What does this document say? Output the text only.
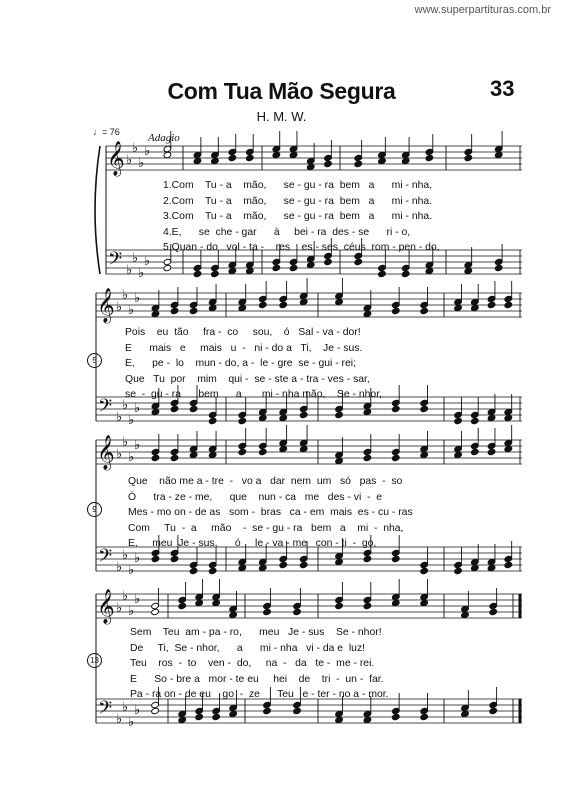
www.superpartituras.com.br
Com Tua Mão Segura	33
H. M. W.
♩= 76	Adagio
𝄞 ♭
♭
♭
♭
𝄢 ♭
♭
♭
♭
𝄞 ♭
♭
♭
♭
𝄢 ♭
♭
♭
♭
𝄞 ♭
♭
♭
♭
𝄢 ♭
♭
♭
♭
𝄞 ♭
♭
♭
♭
𝄢 ♭
♭
♭
♭
1.Com    Tu - a    mão,      se - gu - ra  bem   a      mi - nha,
2.Com    Tu - a    mão,      se - gu - ra  bem   a      mi - nha.
3.Com    Tu - a    mão,      se - gu - ra  bem   a      mi - nha.
4.E,      se  che - gar      à     bei - ra  des - se      ri - o,
5.Quan - do   vol - ta -    res    es - ses  céus  rom - pen - do,
Pois    eu  tão     fra -  co     sou,    ó   Sal - va - dor!
E      mais   e     mais   u  -   ni - do a   Ti,    Je - sus.
E,      pe -  lo    mun - do, a -  le - gre  se - gui - rei;
Que   Tu  por    mim    qui -  se - ste a - tra - ves - sar,
se  -  gu - ra      bem      a       mi - nha mão,    Se - nhor,
5
Que    não me a - tre  -   vo a   dar  nem  um   só   pas  -  so
Ó      tra - ze - me,      que    nun - ca   me   des - vi  -  e
Mes - mo on - de as   som -  bras   ca - em  mais  es - cu - ras
Com     Tu  -  a     mão    -  se - gu - ra   bem   a    mi  -  nha,
E,     meu  Je - sus,      ó     le - va - me   con - ti  -  go,
9
Sem    Teu  am - pa - ro,      meu   Je - sus    Se - nhor!
De     Ti,  Se - nhor,      a      mi - nha   vi - da e  luz!
Teu    ros  -  to    ven -  do,     na  -   da   te -  me - rei.
E      So - bre a   mor - te eu     hei    de    tri  -  un -  far.
Pa - ra on - de eu    go  -  ze      Teu   e - ter - no a - mor.
13
